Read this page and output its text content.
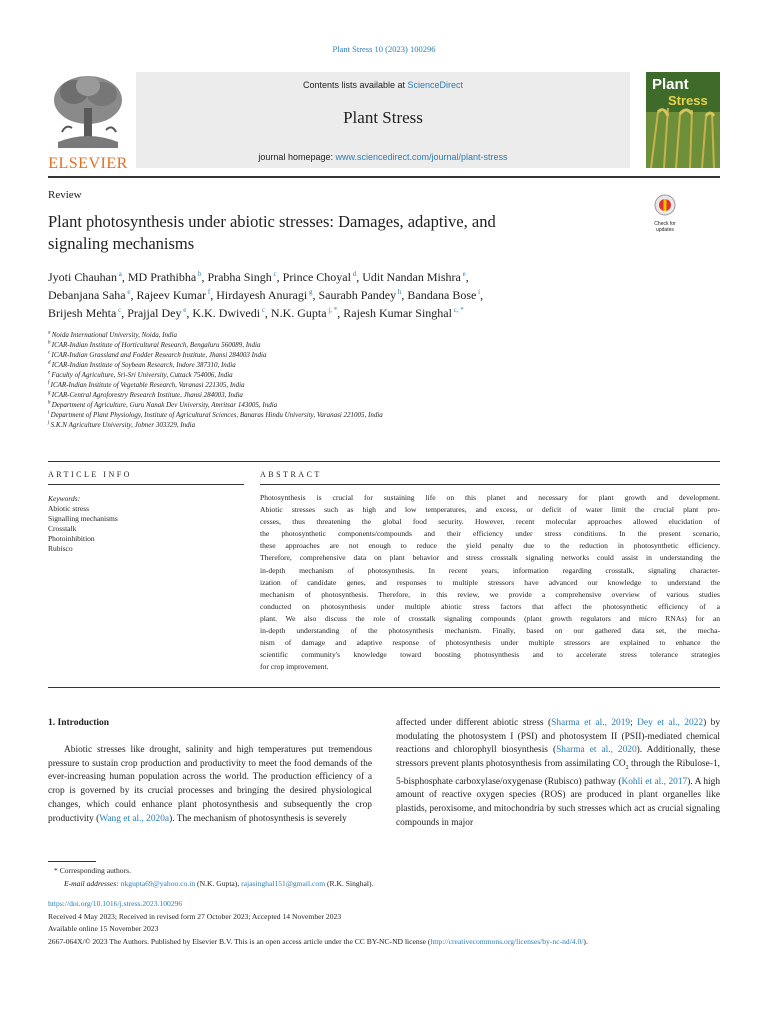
Plant Stress 10 (2023) 100296
ELSEVIER
Contents lists available at ScienceDirect
Plant Stress
journal homepage: www.sciencedirect.com/journal/plant-stress
Plant
Stress
Check for
updates
Review
Plant photosynthesis under abiotic stresses: Damages, adaptive, and
signaling mechanisms
Jyoti Chauhan $^a$, MD Prathibha $^b$, Prabha Singh $^c$, Prince Choyal $^d$, Udit Nandan Mishra $^e$,
Debanjana Saha $^e$, Rajeev Kumar $^f$, Hirdayesh Anuragi $^g$, Saurabh Pandey $^h$, Bandana Bose $^i$,
Brijesh Mehta $^c$, Prajjal Dey $^e$, K.K. Dwivedi $^c$, N.K. Gupta $^{j, *}$, Rajesh Kumar Singhal $^{c, *}$
$^a$ Noida International University, Noida, India
$^b$ ICAR-Indian Institute of Horticultural Research, Bengaluru 560089, India
$^c$ ICAR-Indian Grassland and Fodder Research Institute, Jhansi 284003 India
$^d$ ICAR-Indian Institute of Soybean Research, Indore 387310, India
$^e$ Faculty of Agriculture, Sri-Sri University, Cuttack 754006, India
$^f$ ICAR-Indian Institute of Vegetable Research, Varanasi 221305, India
$^g$ ICAR-Central Agroforestry Research Institute, Jhansi 284003, India
$^h$ Department of Agriculture, Guru Nanak Dev University, Amritsar 143005, India
$^i$ Department of Plant Physiology, Institute of Agricultural Sciences, Banaras Hindu University, Varanasi 221005, India
$^j$ S.K.N Agriculture University, Jobner 303329, India
ARTICLE INFO
Keywords:
Abiotic stress
Signalling mechanisms
Crosstalk
Photoinhibition
Rubisco
ABSTRACT
Photosynthesis is crucial for sustaining life on this planet and necessary for plant growth and development.
Abiotic stresses such as high and low temperatures, and excess, or deficit of water limit the crucial plant pro-
cesses, thus threatening the global food security. However, recent molecular approaches allowed elucidation of
the photosynthetic components/compounds and their efficiency under stress conditions. In the present scenario,
these approaches are not enough to reduce the yield penalty due to the reduction in photosynthetic efficiency.
Therefore, comprehensive data on plant behavior and stress crosstalk signaling networks could assist in understanding the
in-depth mechanism of photosynthesis. In recent years, information regarding crosstalk, signaling character-
ization of candidate genes, and responses to multiple stressors have advanced our knowledge to understand the
mechanism of photosynthesis. Therefore, in this review, we provide a comprehensive overview of various studies
conducted on photosynthesis under multiple abiotic stress factors that affect the photosynthetic efficiency of a
plant. We also discuss the role of crosstalk signaling compounds (plant growth regulators and micro RNAs) for an
in-depth understanding of the photosynthesis mechanism. Finally, based on our gathered data set, the mecha-
nism of damage and adaptive response of photosynthesis under multiple stressors are explained to enhance the
scientific community's knowledge toward boosting photosynthesis and to accelerate stress tolerance strategies
for crop improvement.
1. Introduction
Abiotic stresses like drought, salinity and high temperatures put tremendous pressure to sustain crop production and productivity to meet the food demands of the ever-increasing human population across the world. The production efficiency of a crop is governed by its crucial processes and bringing the desired physiological changes, which could enhance plant photosynthesis and subsequently the crop productivity (Wang et al., 2020a). The mechanism of photosynthesis is severely
affected under different abiotic stress (Sharma et al., 2019; Dey et al., 2022) by modulating the photosystem I (PSI) and photosystem II (PSII)-mediated chemical reactions and chlorophyll biosynthesis (Sharma et al., 2020). Additionally, these stressors prevent plants photosynthesis from assimilating $CO_2$ through the Ribulose-1, 5-bisphosphate carboxylase/oxygenase (Rubisco) pathway (Kohli et al., 2017). A high amount of reactive oxygen species (ROS) are produced in plant organelles like plastids, peroxisome, and mitochondria by such stresses which act as crucial signaling compounds in major
* Corresponding authors.
E-mail addresses: nkgupta69@yahoo.co.in (N.K. Gupta), rajasinghal151@gmail.com (R.K. Singhal).
https://doi.org/10.1016/j.stress.2023.100296
Received 4 May 2023; Received in revised form 27 October 2023; Accepted 14 November 2023
Available online 15 November 2023
2667-064X/© 2023 The Authors. Published by Elsevier B.V. This is an open access article under the CC BY-NC-ND license (http://creativecommons.org/licenses/by-nc-nd/4.0/).
